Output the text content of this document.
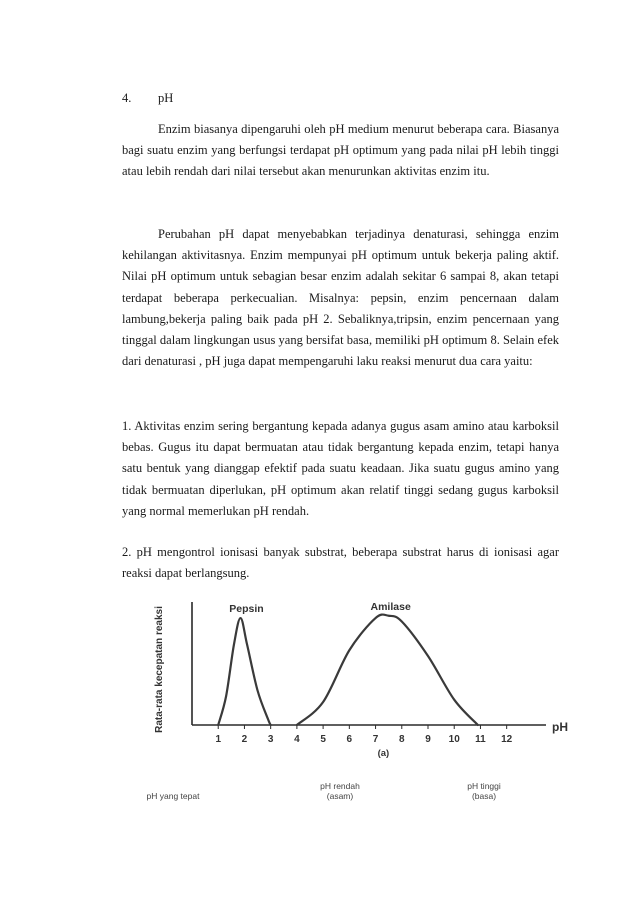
4. pH

Enzim biasanya dipengaruhi oleh pH medium menurut beberapa cara. Biasanya bagi suatu enzim yang berfungsi terdapat pH optimum yang pada nilai pH lebih tinggi atau lebih rendah dari nilai tersebut akan menurunkan aktivitas enzim itu.

Perubahan pH dapat menyebabkan terjadinya denaturasi, sehingga enzim kehilangan aktivitasnya. Enzim mempunyai pH optimum untuk bekerja paling aktif. Nilai pH optimum untuk sebagian besar enzim adalah sekitar 6 sampai 8, akan tetapi terdapat beberapa perkecualian. Misalnya: pepsin, enzim pencernaan dalam lambung,bekerja paling baik pada pH 2. Sebaliknya,tripsin, enzim pencernaan yang tinggal dalam lingkungan usus yang bersifat basa, memiliki pH optimum 8. Selain efek dari denaturasi , pH juga dapat mempengaruhi laku reaksi menurut dua cara yaitu:

1. Aktivitas enzim sering bergantung kepada adanya gugus asam amino atau karboksil bebas. Gugus itu dapat bermuatan atau tidak bergantung kepada enzim, tetapi hanya satu bentuk yang dianggap efektif pada suatu keadaan. Jika suatu gugus amino yang tidak bermuatan diperlukan, pH optimum akan relatif tinggi sedang gugus karboksil yang normal memerlukan pH rendah.

2. pH mengontrol ionisasi banyak substrat, beberapa substrat harus di ionisasi agar reaksi dapat berlangsung.

Rata-rata kecepatan reaksi	pH
1 2 3 4 5 6 7 8 9 10 11 12
(a)
Pepsin	Amilase
pH yang tepat
pH rendah (asam)
pH tinggi (basa)
